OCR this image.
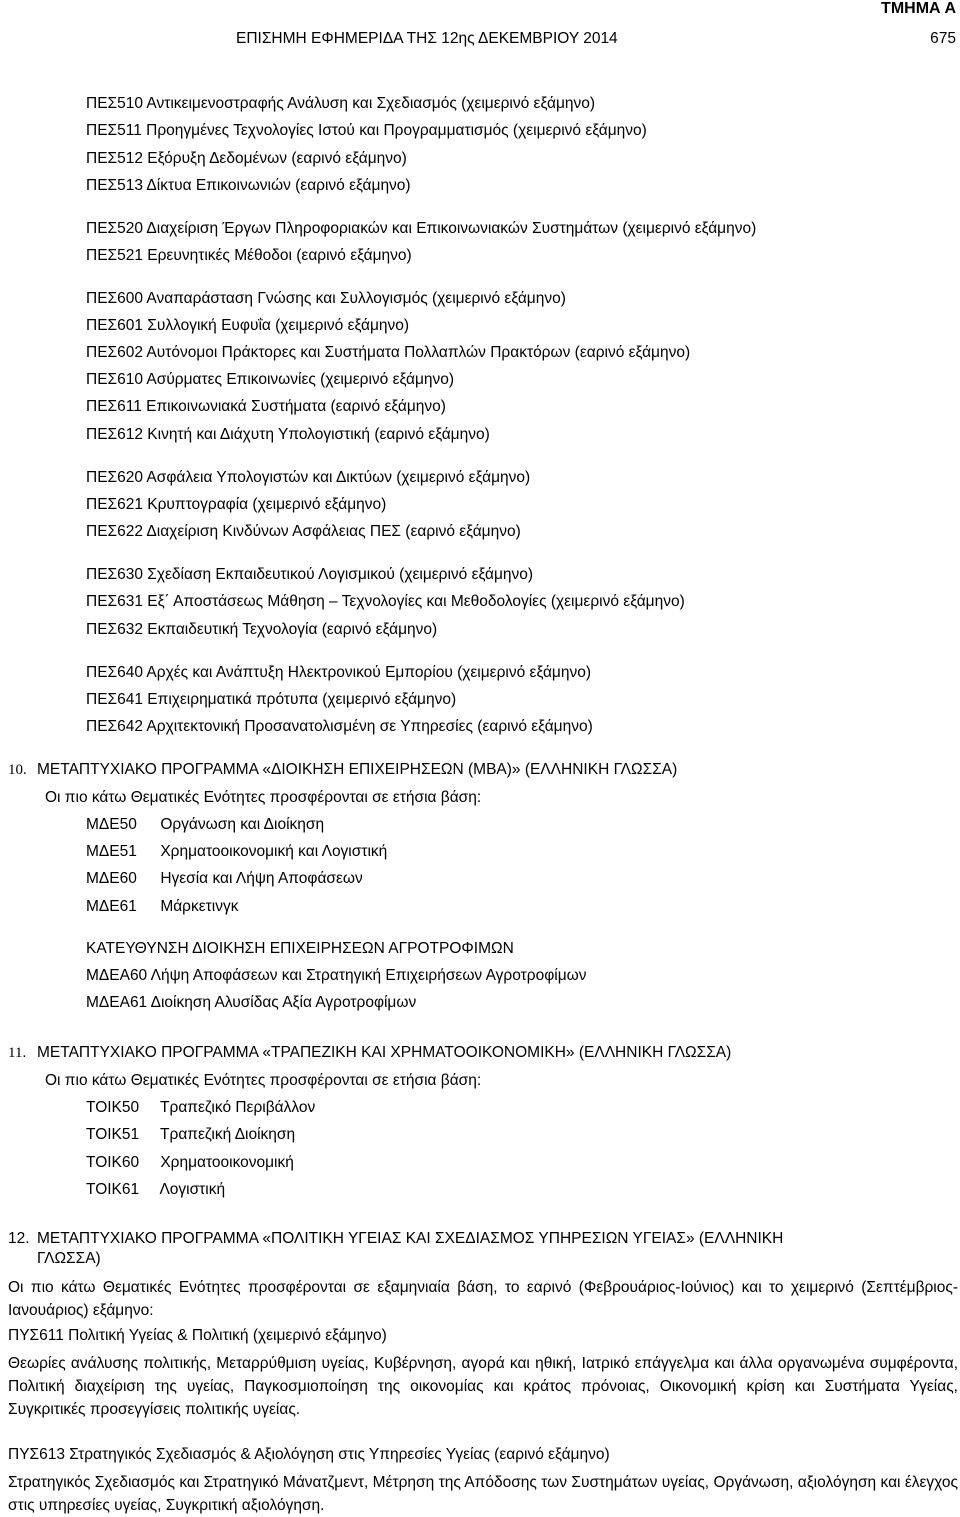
ΤΜΗΜΑ Α
ΕΠΙΣΗΜΗ ΕΦΗΜΕΡΙΔΑ ΤΗΣ 12ης ΔΕΚΕΜΒΡΙΟΥ 2014	675
ΠΕΣ510 Αντικειμενοστραφής Ανάλυση και Σχεδιασμός (χειμερινό εξάμηνο)
ΠΕΣ511 Προηγμένες Τεχνολογίες Ιστού και Προγραμματισμός (χειμερινό εξάμηνο)
ΠΕΣ512 Εξόρυξη Δεδομένων (εαρινό εξάμηνο)
ΠΕΣ513 Δίκτυα Επικοινωνιών (εαρινό εξάμηνο)
ΠΕΣ520 Διαχείριση Έργων Πληροφοριακών και Επικοινωνιακών Συστημάτων (χειμερινό εξάμηνο)
ΠΕΣ521 Ερευνητικές Μέθοδοι (εαρινό εξάμηνο)
ΠΕΣ600 Αναπαράσταση Γνώσης και Συλλογισμός (χειμερινό εξάμηνο)
ΠΕΣ601 Συλλογική Ευφυΐα (χειμερινό εξάμηνο)
ΠΕΣ602 Αυτόνομοι Πράκτορες και Συστήματα Πολλαπλών Πρακτόρων (εαρινό εξάμηνο)
ΠΕΣ610 Ασύρματες Επικοινωνίες (χειμερινό εξάμηνο)
ΠΕΣ611 Επικοινωνιακά Συστήματα (εαρινό εξάμηνο)
ΠΕΣ612 Κινητή και Διάχυτη Υπολογιστική (εαρινό εξάμηνο)
ΠΕΣ620 Ασφάλεια Υπολογιστών και Δικτύων (χειμερινό εξάμηνο)
ΠΕΣ621 Κρυπτογραφία (χειμερινό εξάμηνο)
ΠΕΣ622 Διαχείριση Κινδύνων Ασφάλειας ΠΕΣ (εαρινό εξάμηνο)
ΠΕΣ630 Σχεδίαση Εκπαιδευτικού Λογισμικού (χειμερινό εξάμηνο)
ΠΕΣ631 Εξ΄ Αποστάσεως Μάθηση – Τεχνολογίες και Μεθοδολογίες (χειμερινό εξάμηνο)
ΠΕΣ632 Εκπαιδευτική Τεχνολογία (εαρινό εξάμηνο)
ΠΕΣ640 Αρχές και Ανάπτυξη Ηλεκτρονικού Εμπορίου (χειμερινό εξάμηνο)
ΠΕΣ641 Επιχειρηματικά πρότυπα (χειμερινό εξάμηνο)
ΠΕΣ642 Αρχιτεκτονική Προσανατολισμένη σε Υπηρεσίες (εαρινό εξάμηνο)
10. ΜΕΤΑΠΤΥΧΙΑΚΟ ΠΡΟΓΡΑΜΜΑ «ΔΙΟΙΚΗΣΗ ΕΠΙΧΕΙΡΗΣΕΩΝ (ΜΒΑ)» (ΕΛΛΗΝΙΚΗ ΓΛΩΣΣΑ)
Οι πιο κάτω Θεματικές Ενότητες προσφέρονται σε ετήσια βάση:
ΜΔΕ50 Οργάνωση και Διοίκηση
ΜΔΕ51 Χρηματοοικονομική και Λογιστική
ΜΔΕ60 Ηγεσία και Λήψη Αποφάσεων
ΜΔΕ61 Μάρκετινγκ
ΚΑΤΕΥΘΥΝΣΗ ΔΙΟΙΚΗΣΗ ΕΠΙΧΕΙΡΗΣΕΩΝ ΑΓΡΟΤΡΟΦΙΜΩΝ
ΜΔΕΑ60 Λήψη Αποφάσεων και Στρατηγική Επιχειρήσεων Αγροτροφίμων
ΜΔΕΑ61 Διοίκηση Αλυσίδας Αξία Αγροτροφίμων
11. ΜΕΤΑΠΤΥΧΙΑΚΟ ΠΡΟΓΡΑΜΜΑ «ΤΡΑΠΕΖΙΚΗ ΚΑΙ ΧΡΗΜΑΤΟΟΙΚΟΝΟΜΙΚΗ» (ΕΛΛΗΝΙΚΗ ΓΛΩΣΣΑ)
Οι πιο κάτω Θεματικές Ενότητες προσφέρονται σε ετήσια βάση:
ΤΟΙΚ50 Τραπεζικό Περιβάλλον
ΤΟΙΚ51 Τραπεζική Διοίκηση
ΤΟΙΚ60 Χρηματοοικονομική
ΤΟΙΚ61 Λογιστική
12. ΜΕΤΑΠΤΥΧΙΑΚΟ ΠΡΟΓΡΑΜΜΑ «ΠΟΛΙΤΙΚΗ ΥΓΕΙΑΣ ΚΑΙ ΣΧΕΔΙΑΣΜΟΣ ΥΠΗΡΕΣΙΩΝ ΥΓΕΙΑΣ» (ΕΛΛΗΝΙΚΗ
ΓΛΩΣΣΑ)
Οι πιο κάτω Θεματικές Ενότητες προσφέρονται σε εξαμηνιαία βάση, το εαρινό (Φεβρουάριος-Ιούνιος) και το χειμερινό (Σεπτέμβριος-Ιανουάριος) εξάμηνο:
ΠΥΣ611 Πολιτική Υγείας & Πολιτική (χειμερινό εξάμηνο)
Θεωρίες ανάλυσης πολιτικής, Μεταρρύθμιση υγείας, Κυβέρνηση, αγορά και ηθική, Ιατρικό επάγγελμα και άλλα οργανωμένα συμφέροντα, Πολιτική διαχείριση της υγείας, Παγκοσμιοποίηση της οικονομίας και κράτος πρόνοιας, Οικονομική κρίση και Συστήματα Υγείας, Συγκριτικές προσεγγίσεις πολιτικής υγείας.
ΠΥΣ613 Στρατηγικός Σχεδιασμός & Αξιολόγηση στις Υπηρεσίες Υγείας (εαρινό εξάμηνο)
Στρατηγικός Σχεδιασμός και Στρατηγικό Μάνατζμεντ, Μέτρηση της Απόδοσης των Συστημάτων υγείας, Οργάνωση, αξιολόγηση και έλεγχος στις υπηρεσίες υγείας, Συγκριτική αξιολόγηση.
